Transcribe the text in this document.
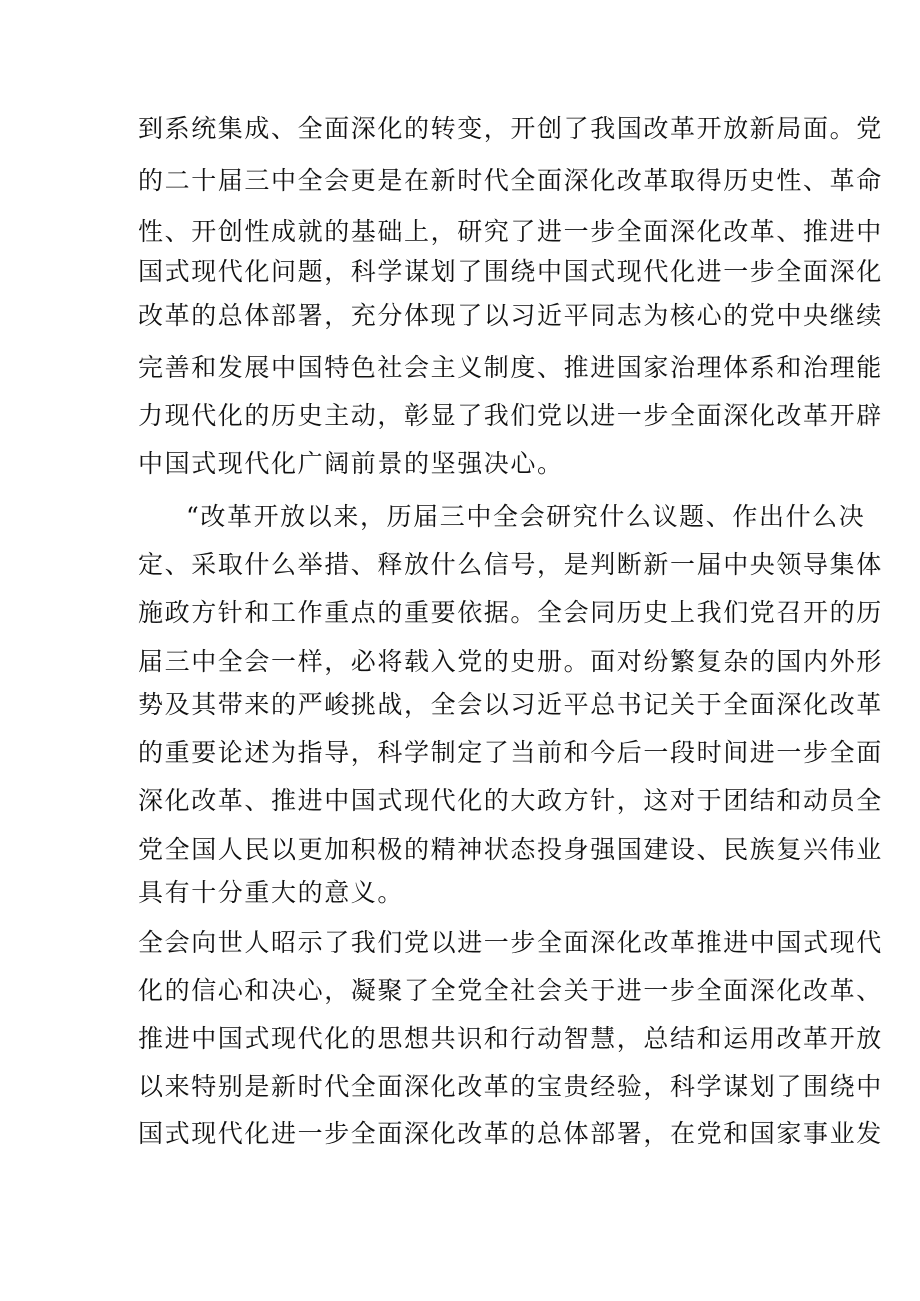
到系统集成、全面深化的转变，开创了我国改革开放新局面。党
的二十届三中全会更是在新时代全面深化改革取得历史性、革命
性、开创性成就的基础上，研究了进一步全面深化改革、推进中
国式现代化问题，科学谋划了围绕中国式现代化进一步全面深化
改革的总体部署，充分体现了以习近平同志为核心的党中央继续
完善和发展中国特色社会主义制度、推进国家治理体系和治理能
力现代化的历史主动，彰显了我们党以进一步全面深化改革开辟
中国式现代化广阔前景的坚强决心。
“改革开放以来，历届三中全会研究什么议题、作出什么决
定、采取什么举措、释放什么信号，是判断新一届中央领导集体
施政方针和工作重点的重要依据。全会同历史上我们党召开的历
届三中全会一样，必将载入党的史册。面对纷繁复杂的国内外形
势及其带来的严峻挑战，全会以习近平总书记关于全面深化改革
的重要论述为指导，科学制定了当前和今后一段时间进一步全面
深化改革、推进中国式现代化的大政方针，这对于团结和动员全
党全国人民以更加积极的精神状态投身强国建设、民族复兴伟业
具有十分重大的意义。
全会向世人昭示了我们党以进一步全面深化改革推进中国式现代
化的信心和决心，凝聚了全党全社会关于进一步全面深化改革、
推进中国式现代化的思想共识和行动智慧，总结和运用改革开放
以来特别是新时代全面深化改革的宝贵经验，科学谋划了围绕中
国式现代化进一步全面深化改革的总体部署，在党和国家事业发
